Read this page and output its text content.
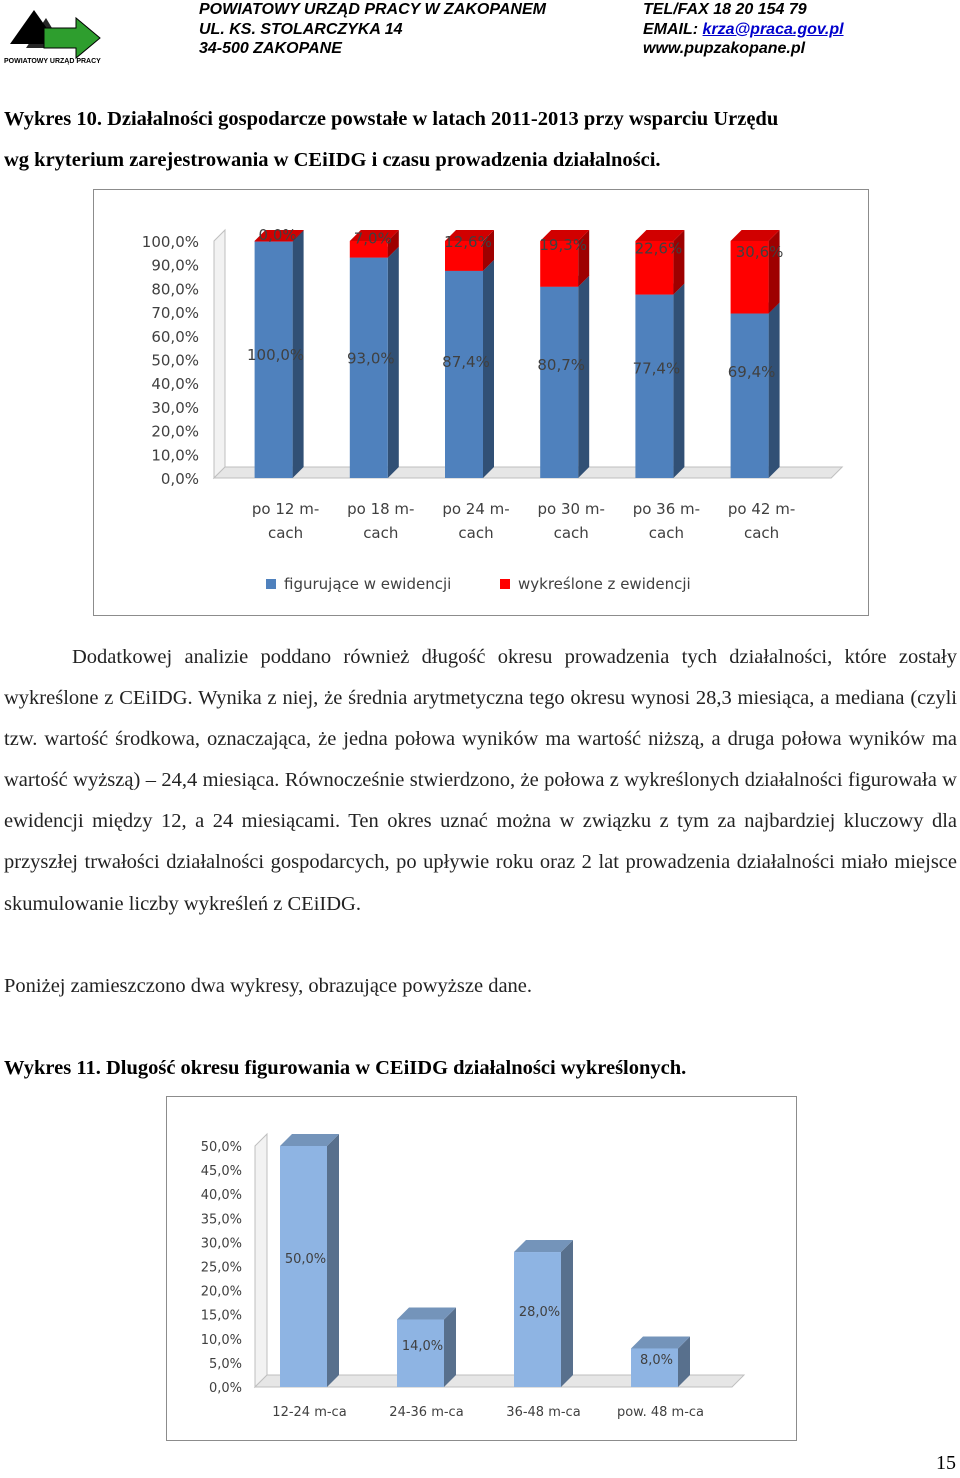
POWIATOWY URZĄD PRACY
POWIATOWY URZĄD PRACY W ZAKOPANEM
UL. KS. STOLARCZYKA 14
34-500 ZAKOPANE
TEL/FAX 18 20 154 79
EMAIL: krza@praca.gov.pl
www.pupzakopane.pl
Wykres 10. Działalności gospodarcze powstałe w latach 2011-2013 przy wsparciu Urzędu
wg kryterium zarejestrowania w CEiIDG i czasu prowadzenia działalności.
0,0%
10,0%
20,0%
30,0%
40,0%
50,0%
60,0%
70,0%
80,0%
90,0%
100,0%
100,0%
0,0%
po 12 m-
cach
93,0%
7,0%
po 18 m-
cach
87,4%
12,6%
po 24 m-
cach
80,7%
19,3%
po 30 m-
cach
77,4%
22,6%
po 36 m-
cach
69,4%
30,6%
po 42 m-
cach
figurujące w ewidencji	wykreślone z ewidencji
Dodatkowej analizie poddano również długość okresu prowadzenia tych działalności, które zostały wykreślone z CEiIDG. Wynika z niej, że średnia arytmetyczna tego okresu wynosi 28,3 miesiąca, a mediana (czyli tzw. wartość środkowa, oznaczająca, że jedna połowa wyników ma wartość niższą, a druga połowa wyników ma wartość wyższą) – 24,4 miesiąca. Równocześnie stwierdzono, że połowa z wykreślonych działalności figurowała w ewidencji między 12, a 24 miesiącami. Ten okres uznać można w związku z tym za najbardziej kluczowy dla przyszłej trwałości działalności gospodarcych, po upływie roku oraz 2 lat prowadzenia działalności miało miejsce skumulowanie liczby wykreśleń z CEiIDG.
Poniżej zamieszczono dwa wykresy, obrazujące powyższe dane.
Wykres 11. Dlugość okresu figurowania w CEiIDG działalności wykreślonych.
0,0%
5,0%
10,0%
15,0%
20,0%
25,0%
30,0%
35,0%
40,0%
45,0%
50,0%
50,0%
12-24 m-ca
14,0%
24-36 m-ca
28,0%
36-48 m-ca
8,0%
pow. 48 m-ca
15
